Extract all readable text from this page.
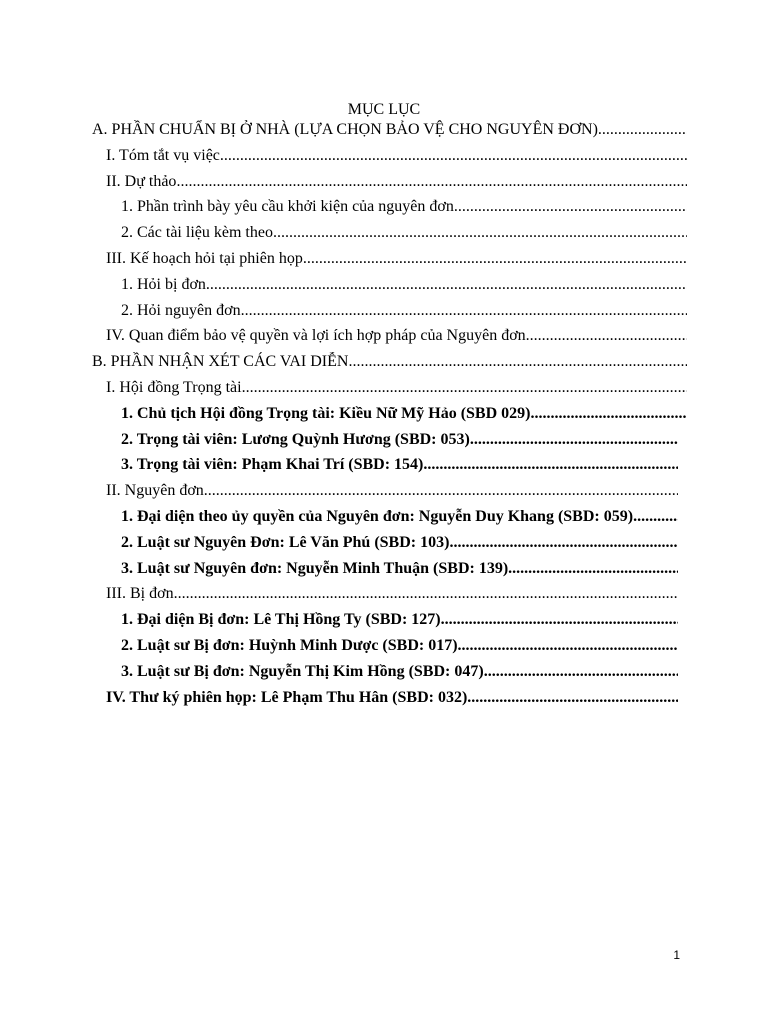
MỤC LỤC
A. PHẦN CHUẨN BỊ Ở NHÀ (LỰA CHỌN BẢO VỆ CHO NGUYÊN ĐƠN)
.....
I. Tóm tắt vụ việc
.....
II. Dự thảo
.....
1. Phần trình bày yêu cầu khởi kiện của nguyên đơn
.....
2. Các tài liệu kèm theo
.....
III. Kế hoạch hỏi tại phiên họp
.....
1. Hỏi bị đơn
.....
2. Hỏi nguyên đơn
.....
IV. Quan điểm bảo vệ quyền và lợi ích hợp pháp của Nguyên đơn
.....
B. PHẦN NHẬN XÉT CÁC VAI DIỄN
.....
I. Hội đồng Trọng tài
.....
1. Chủ tịch Hội đồng Trọng tài: Kiều Nữ Mỹ Hảo (SBD 029)
.....
2. Trọng tài viên: Lương Quỳnh Hương (SBD: 053)
.....
3. Trọng tài viên: Phạm Khai Trí (SBD: 154)
.....
II. Nguyên đơn
.....
1. Đại diện theo ủy quyền của Nguyên đơn: Nguyễn Duy Khang (SBD: 059)
.....
2. Luật sư Nguyên Đơn: Lê Văn Phú (SBD: 103)
.....
3. Luật sư Nguyên đơn: Nguyễn Minh Thuận (SBD: 139)
.....
III. Bị đơn
.....
1. Đại diện Bị đơn: Lê Thị Hồng Ty (SBD: 127)
.....
2. Luật sư Bị đơn: Huỳnh Minh Dược (SBD: 017)
.....
3. Luật sư Bị đơn: Nguyễn Thị Kim Hồng (SBD: 047)
.....
IV. Thư ký phiên họp: Lê Phạm Thu Hân (SBD: 032)
.....
1
